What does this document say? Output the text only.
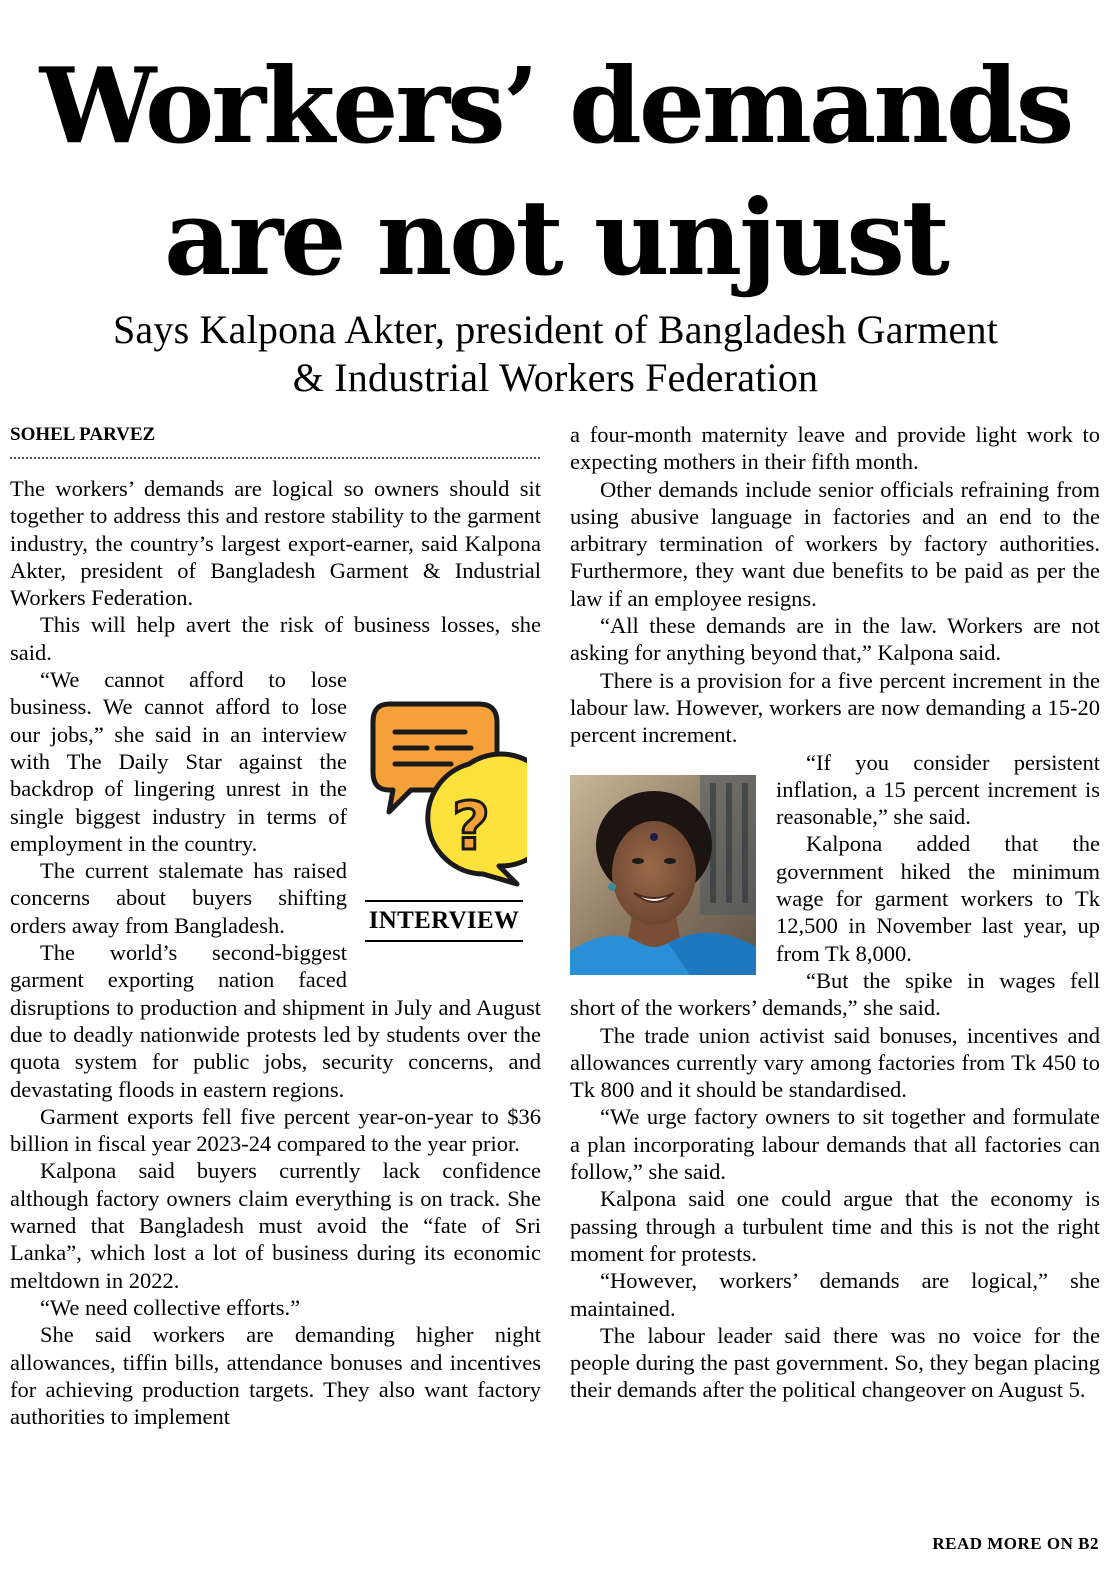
Workers’ demands
are not unjust
Says Kalpona Akter, president of Bangladesh Garment
& Industrial Workers Federation
SOHEL PARVEZ

The workers’ demands are logical so owners should sit together to address this and restore stability to the garment industry, the country’s largest export-earner, said Kalpona Akter, president of Bangladesh Garment & Industrial Workers Federation.

This will help avert the risk of business losses, she said.

?
INTERVIEW

“We cannot afford to lose business. We cannot afford to lose our jobs,” she said in an interview with The Daily Star against the backdrop of lingering unrest in the single biggest industry in terms of employment in the country.

The current stalemate has raised concerns about buyers shifting orders away from Bangladesh.

The world’s second-biggest garment exporting nation faced disruptions to production and shipment in July and August due to deadly nationwide protests led by students over the quota system for public jobs, security concerns, and devastating floods in eastern regions.

Garment exports fell five percent year-on-year to $36 billion in fiscal year 2023-24 compared to the year prior.

Kalpona said buyers currently lack confidence although factory owners claim everything is on track. She warned that Bangladesh must avoid the “fate of Sri Lanka”, which lost a lot of business during its economic meltdown in 2022.

“We need collective efforts.”

She said workers are demanding higher night allowances, tiffin bills, attendance bonuses and incentives for achieving production targets. They also want factory authorities to implement

a four-month maternity leave and provide light work to expecting mothers in their fifth month.

Other demands include senior officials refraining from using abusive language in factories and an end to the arbitrary termination of workers by factory authorities. Furthermore, they want due benefits to be paid as per the law if an employee resigns.

“All these demands are in the law. Workers are not asking for anything beyond that,” Kalpona said.

There is a provision for a five percent increment in the labour law. However, workers are now demanding a 15-20 percent increment.

“If you consider persistent inflation, a 15 percent increment is reasonable,” she said.

Kalpona added that the government hiked the minimum wage for garment workers to Tk 12,500 in November last year, up from Tk 8,000.

“But the spike in wages fell short of the workers’ demands,” she said.

The trade union activist said bonuses, incentives and allowances currently vary among factories from Tk 450 to Tk 800 and it should be standardised.

“We urge factory owners to sit together and formulate a plan incorporating labour demands that all factories can follow,” she said.

Kalpona said one could argue that the economy is passing through a turbulent time and this is not the right moment for protests.

“However, workers’ demands are logical,” she maintained.

The labour leader said there was no voice for the people during the past government. So, they began placing their demands after the political changeover on August 5.

READ MORE ON B2
